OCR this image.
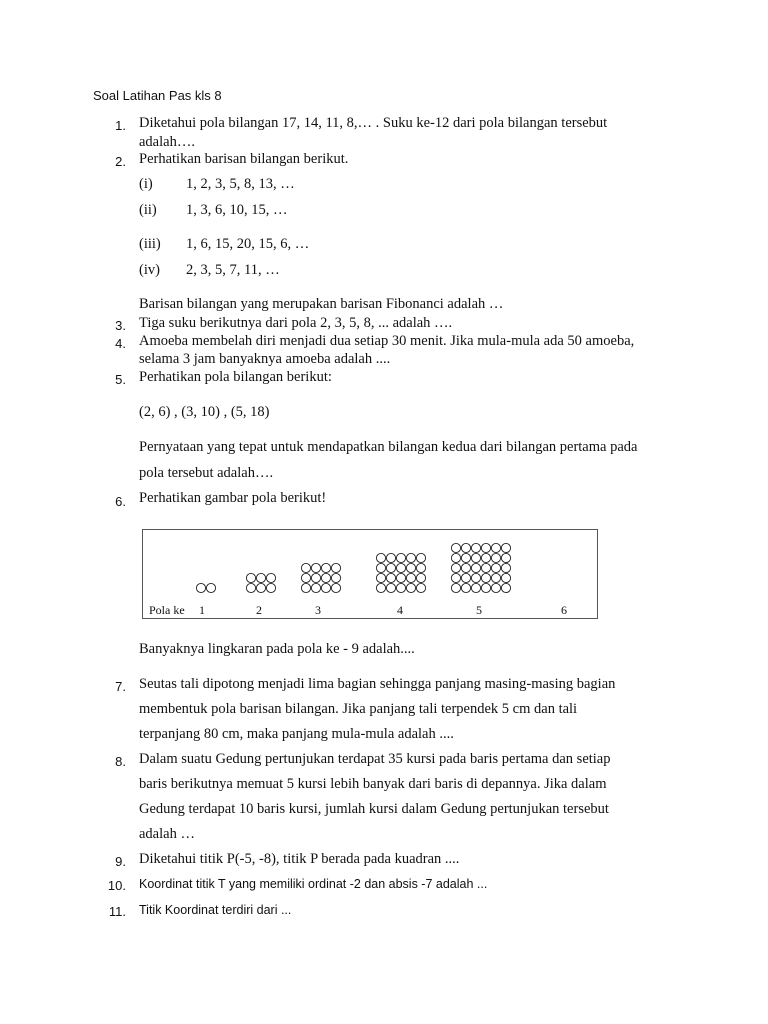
Soal Latihan Pas kls 8
1. Diketahui pola bilangan 17, 14, 11, 8,… . Suku ke-12 dari pola bilangan tersebut
adalah….
2. Perhatikan barisan bilangan berikut.
(i) 1, 2, 3, 5, 8, 13, …
(ii) 1, 3, 6, 10, 15, …
(iii) 1, 6, 15, 20, 15, 6, …
(iv) 2, 3, 5, 7, 11, …
Barisan bilangan yang merupakan barisan Fibonanci adalah …
3. Tiga suku berikutnya dari pola 2, 3, 5, 8, ... adalah ….
4. Amoeba membelah diri menjadi dua setiap 30 menit. Jika mula-mula ada 50 amoeba,
selama 3 jam banyaknya amoeba adalah ....
5. Perhatikan pola bilangan berikut:
(2, 6) , (3, 10) , (5, 18)
Pernyataan yang tepat untuk mendapatkan bilangan kedua dari bilangan pertama pada
pola tersebut adalah….
6. Perhatikan gambar pola berikut!
Pola ke 1	2	3	4	5	6
Banyaknya lingkaran pada pola ke - 9 adalah....
7. Seutas tali dipotong menjadi lima bagian sehingga panjang masing-masing bagian
membentuk pola barisan bilangan. Jika panjang tali terpendek 5 cm dan tali
terpanjang 80 cm, maka panjang mula-mula adalah ....
8. Dalam suatu Gedung pertunjukan terdapat 35 kursi pada baris pertama dan setiap
baris berikutnya memuat 5 kursi lebih banyak dari baris di depannya. Jika dalam
Gedung terdapat 10 baris kursi, jumlah kursi dalam Gedung pertunjukan tersebut
adalah …
9. Diketahui titik P(-5, -8), titik P berada pada kuadran ....
10. Koordinat titik T yang memiliki ordinat -2 dan absis -7 adalah ...
11. Titik Koordinat terdiri dari ...
